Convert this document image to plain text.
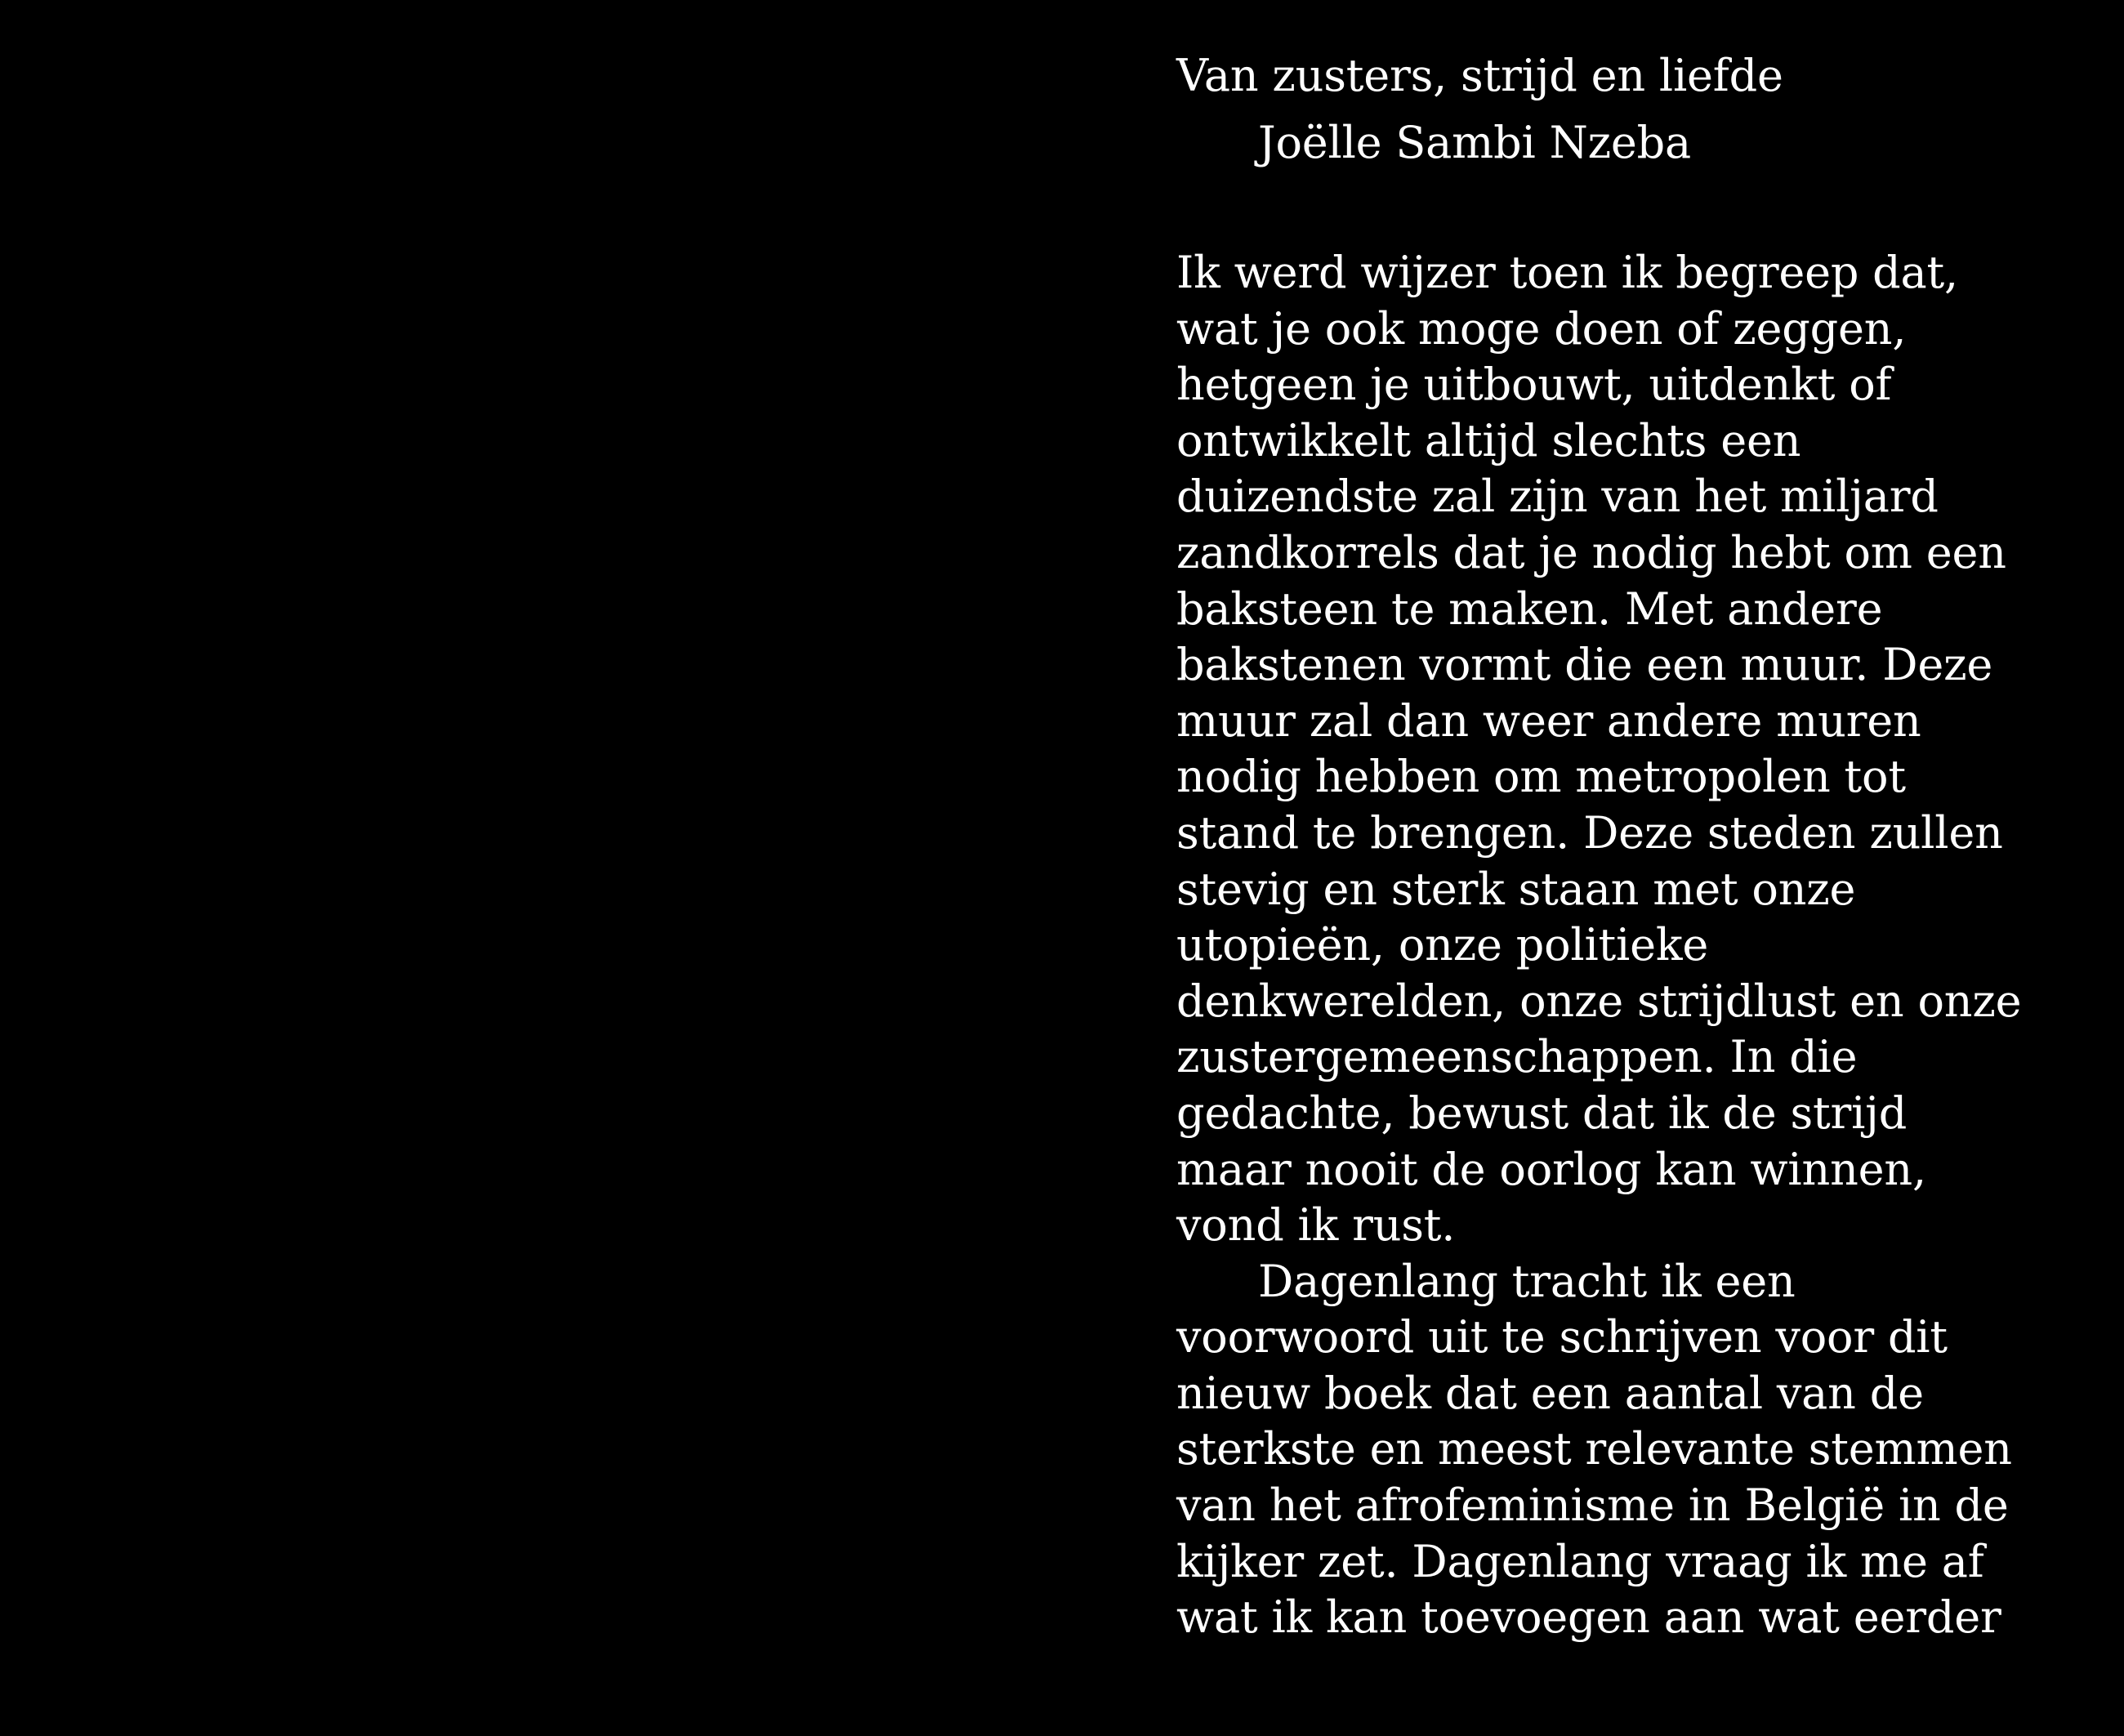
Van zusters, strijd en liefde

Joëlle Sambi Nzeba

Ik werd wijzer toen ik begreep dat,
wat je ook moge doen of zeggen,
hetgeen je uitbouwt, uitdenkt of
ontwikkelt altijd slechts een
duizendste zal zijn van het miljard
zandkorrels dat je nodig hebt om een
baksteen te maken. Met andere
bakstenen vormt die een muur. Deze
muur zal dan weer andere muren
nodig hebben om metropolen tot
stand te brengen. Deze steden zullen
stevig en sterk staan met onze
utopieën, onze politieke
denkwerelden, onze strijdlust en onze
zustergemeenschappen. In die
gedachte, bewust dat ik de strijd
maar nooit de oorlog kan winnen,
vond ik rust.
Dagenlang tracht ik een
voorwoord uit te schrijven voor dit
nieuw boek dat een aantal van de
sterkste en meest relevante stemmen
van het afrofeminisme in België in de
kijker zet. Dagenlang vraag ik me af
wat ik kan toevoegen aan wat eerder
